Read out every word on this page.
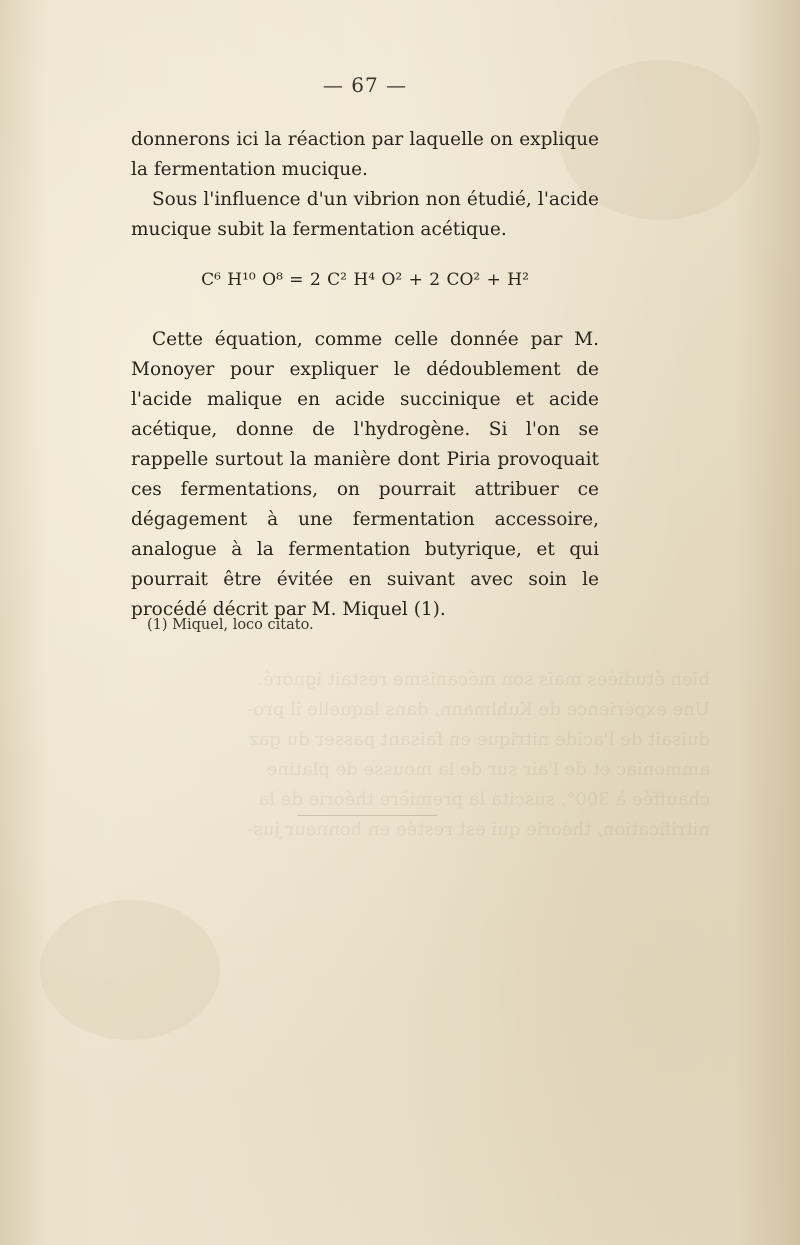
bien étudiées mais son mécanisme restait ignoré.
Une expérience de Kuhlmann, dans laquelle il pro-
duisait de l'acide nitrique en faisant passer du gaz
ammoniac et de l'air sur de la mousse de platine
chauffée à 300°, suscita la première théorie de la
nitrification, théorie qui est restée en honneur jus-
— 67 —

donnerons ici la réaction par laquelle on explique la fermentation mucique.

Sous l'influence d'un vibrion non étudié, l'acide mucique subit la fermentation acétique.

C⁶ H¹⁰ O⁸ = 2 C² H⁴ O² + 2 CO² + H²

Cette équation, comme celle donnée par M. Monoyer pour expliquer le dédoublement de l'acide malique en acide succinique et acide acétique, donne de l'hydrogène. Si l'on se rappelle surtout la manière dont Piria provoquait ces fermentations, on pourrait attribuer ce dégagement à une fermentation accessoire, analogue à la fermentation butyrique, et qui pourrait être évitée en suivant avec soin le procédé décrit par M. Miquel (1).

(1) Miquel, loco citato.
